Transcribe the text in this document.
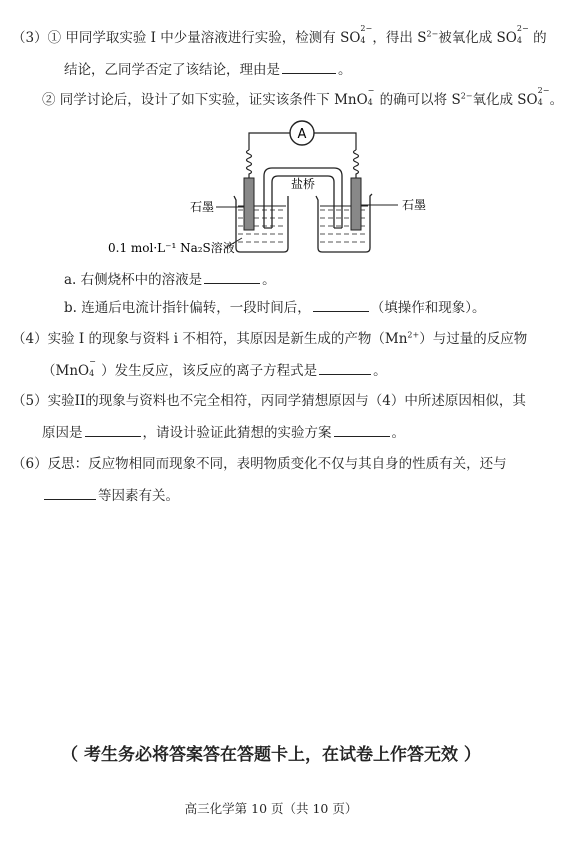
（3）① 甲同学取实验 I 中少量溶液进行实验，检测有 SO
2−
4 ，得出 $S^{2-}$被氧化成 SO
2−
4 的
结论，乙同学否定了该结论，理由是	。
② 同学讨论后，设计了如下实验，证实该条件下 MnO
−
4 的确可以将 $S^{2-}$氧化成 SO
2−
4 。
A
盐桥
石墨	石墨
0.1 mol·L⁻¹ Na₂S溶液
a. 右侧烧杯中的溶液是	。
b. 连通后电流计指针偏转，一段时间后，	（填操作和现象）。
（4）实验 I 的现象与资料 i 不相符，其原因是新生成的产物$(Mn^{2+})$与过量的反应物
（MnO
−
4 ）发生反应，该反应的离子方程式是	。
（5）实验II的现象与资料也不完全相符，丙同学猜想原因与（4）中所述原因相似，其
原因是	，请设计验证此猜想的实验方案	。
（6）反思：反应物相同而现象不同，表明物质变化不仅与其自身的性质有关，还与
等因素有关。
（ 考生务必将答案答在答题卡上，在试卷上作答无效 ）
高三化学第 10 页（共 10 页）
